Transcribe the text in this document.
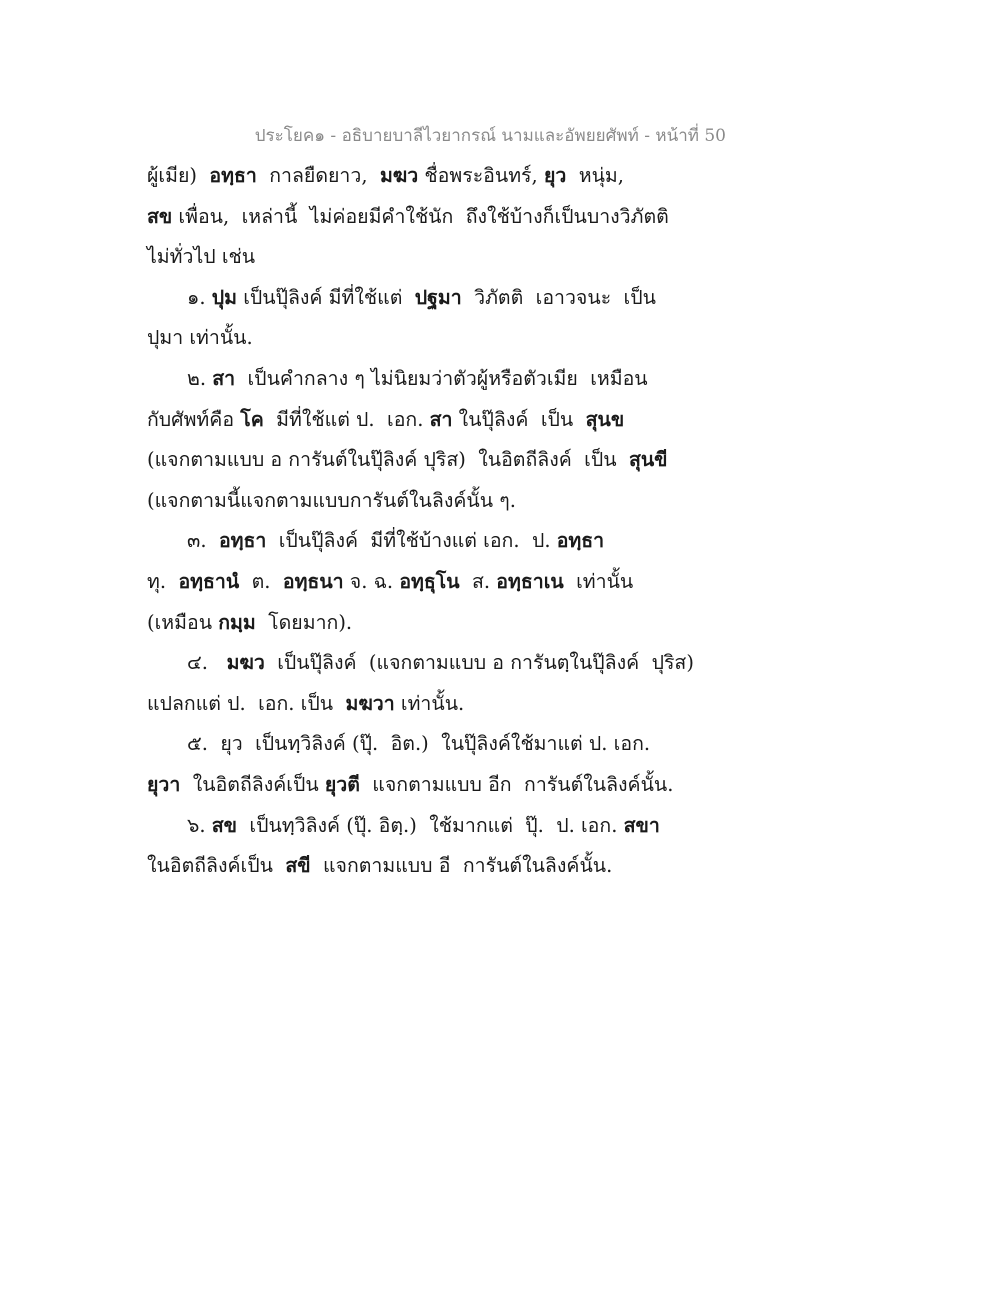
ประโยค๑ - อธิบายบาลีไวยากรณ์ นามและอัพยยศัพท์ - หน้าที่ 50
ผู้เมีย)  อทฺธา  กาลยืดยาว,  มฆว ชื่อพระอินทร์, ยุว  หนุ่ม,
สข เพื่อน,  เหล่านี้  ไม่ค่อยมีคำใช้นัก  ถึงใช้บ้างก็เป็นบางวิภัตติ
ไม่ทั่วไป เช่น
๑. ปุม เป็นปุ๊ลิงค์ มีที่ใช้แต่  ปฐมา  วิภัตติ  เอาวจนะ  เป็น
ปุมา เท่านั้น.
๒. สา  เป็นคำกลาง ๆ ไม่นิยมว่าตัวผู้หรือตัวเมีย  เหมือน
กับศัพท์คือ โค  มีที่ใช้แต่ ป.  เอก. สา ในปุ๊ลิงค์  เป็น  สุนข
(แจกตามแบบ อ การันต์ในปุ๊ลิงค์ ปุริส)  ในอิตถีลิงค์  เป็น  สุนขี
(แจกตามนี้แจกตามแบบการันต์ในลิงค์นั้น ๆ.
๓.  อทฺธา  เป็นปุ๊ลิงค์  มีที่ใช้บ้างแต่ เอก.  ป. อทฺธา
ทุ.  อทฺธานํ  ต.  อทฺธนา จ. ฉ. อทฺธุโน  ส. อทฺธาเน  เท่านั้น
(เหมือน กมฺม  โดยมาก).
๔.   มฆว  เป็นปุ๊ลิงค์  (แจกตามแบบ อ การันตฺในปุ๊ลิงค์  ปุริส)
แปลกแต่ ป.  เอก. เป็น  มฆวา เท่านั้น.
๕.  ยุว  เป็นทฺวิลิงค์ (ปุ๊.  อิต.)  ในปุ๊ลิงค์ใช้มาแต่ ป. เอก.
ยุวา  ในอิตถีลิงค์เป็น ยุวตี  แจกตามแบบ อีก  การันต์ในลิงค์นั้น.
๖. สข  เป็นทฺวิลิงค์ (ปุ๊. อิตฺ.)  ใช้มากแต่  ปุ๊.  ป. เอก. สขา
ในอิตถีลิงค์เป็น  สขี  แจกตามแบบ อี  การันต์ในลิงค์นั้น.
